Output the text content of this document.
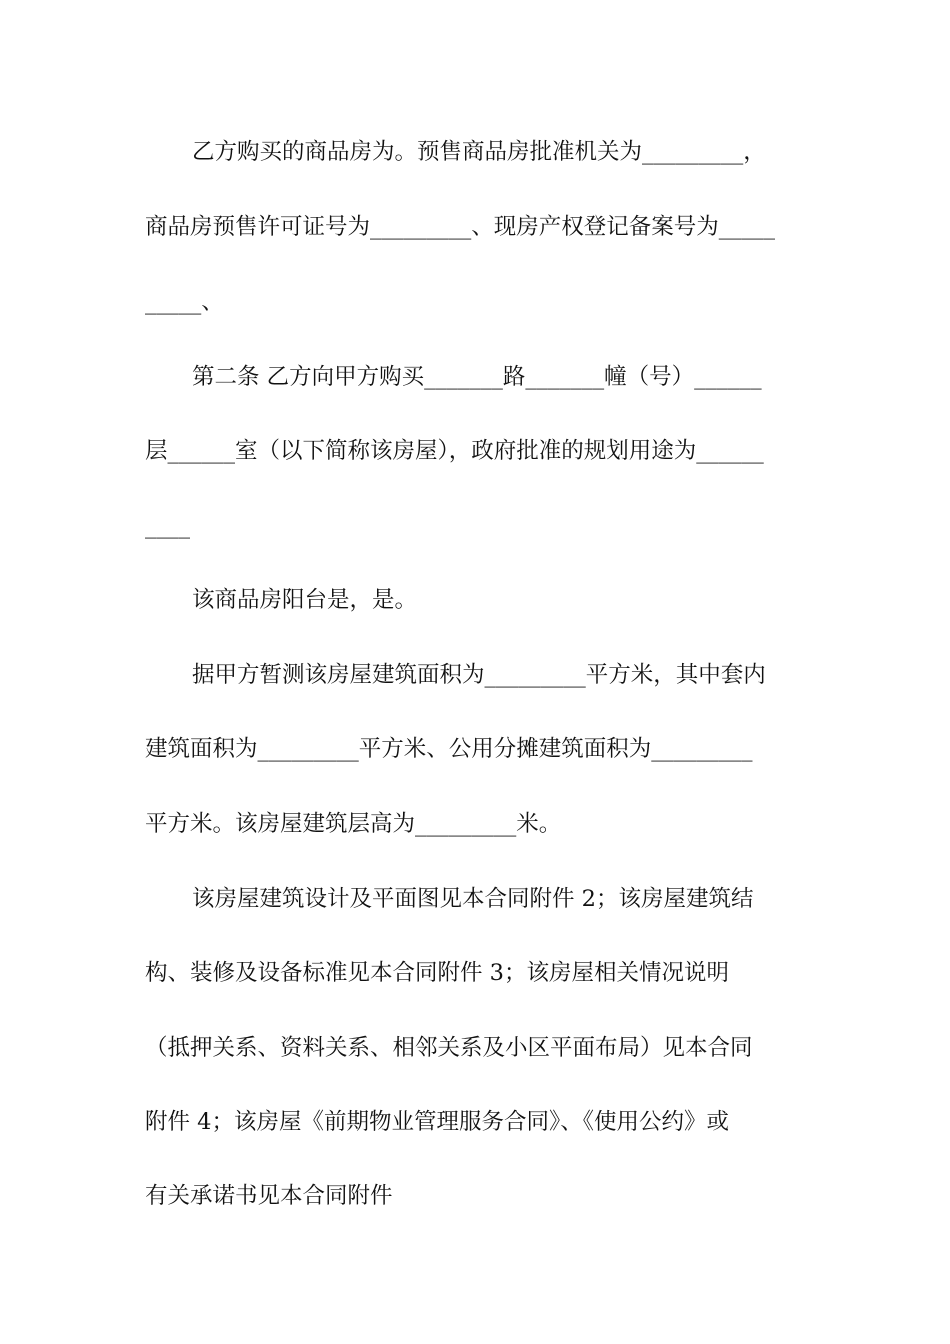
乙方购买的商品房为。预售商品房批准机关为_________，
商品房预售许可证号为_________、现房产权登记备案号为_____
_____、
第二条 乙方向甲方购买_______路_______幢（号）______
层______室（以下简称该房屋），政府批准的规划用途为______
____
该商品房阳台是，是。
据甲方暂测该房屋建筑面积为_________平方米，其中套内
建筑面积为_________平方米、公用分摊建筑面积为_________
平方米。该房屋建筑层高为_________米。
该房屋建筑设计及平面图见本合同附件 2；该房屋建筑结
构、装修及设备标准见本合同附件 3；该房屋相关情况说明
（抵押关系、资料关系、相邻关系及小区平面布局）见本合同
附件 4；该房屋《前期物业管理服务合同》、《使用公约》或
有关承诺书见本合同附件
